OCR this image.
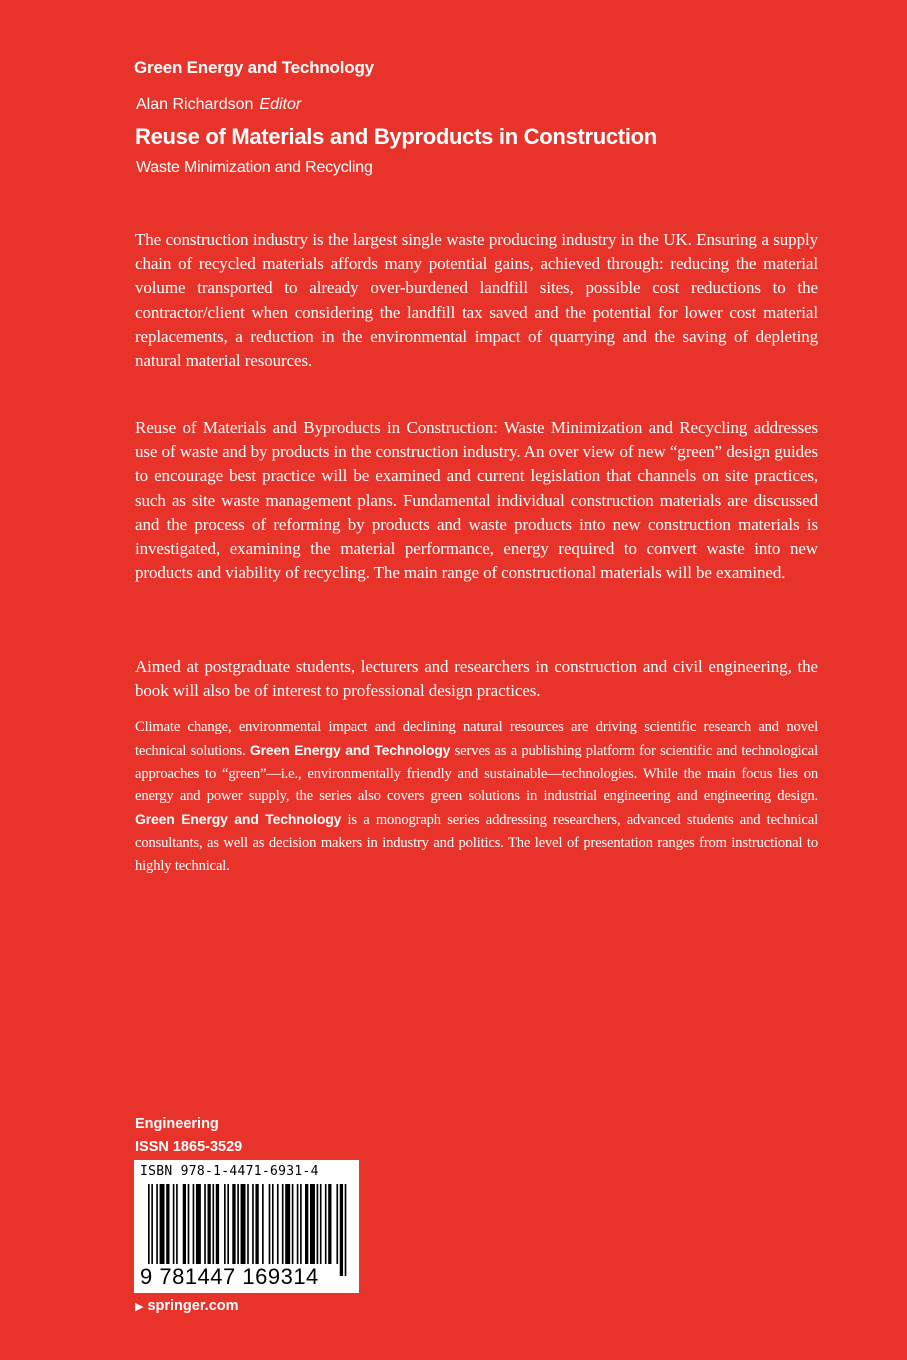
Green Energy and Technology
Alan Richardson Editor
Reuse of Materials and Byproducts in Construction
Waste Minimization and Recycling

The construction industry is the largest single waste producing industry in the UK. Ensuring a supply chain of recycled materials affords many potential gains, achieved through: reducing the material volume transported to already over-burdened landfill sites, possible cost reductions to the contractor/client when considering the landfill tax saved and the potential for lower cost material replacements, a reduction in the environmental impact of quarrying and the saving of depleting natural material resources.

Reuse of Materials and Byproducts in Construction: Waste Minimization and Recycling addresses use of waste and by products in the construction industry. An over view of new “green” design guides to encourage best practice will be examined and current legislation that channels on site practices, such as site waste management plans. Fundamental individual construction materials are discussed and the process of reforming by products and waste products into new construction materials is investigated, examining the material performance, energy required to convert waste into new products and viability of recycling. The main range of constructional materials will be examined.

Aimed at postgraduate students, lecturers and researchers in construction and civil engineering, the book will also be of interest to professional design practices.

Climate change, environmental impact and declining natural resources are driving scientific research and novel technical solutions. Green Energy and Technology serves as a publishing platform for scientific and technological approaches to “green”—i.e., environmentally friendly and sustainable—technologies. While the main focus lies on energy and power supply, the series also covers green solutions in industrial engineering and engineering design. Green Energy and Technology is a monograph series addressing researchers, advanced students and technical consultants, as well as decision makers in industry and politics. The level of presentation ranges from instructional to highly technical.

Engineering
ISSN 1865-3529
ISBN 978-1-4471-6931-4
9 781447 169314
▶ springer.com
